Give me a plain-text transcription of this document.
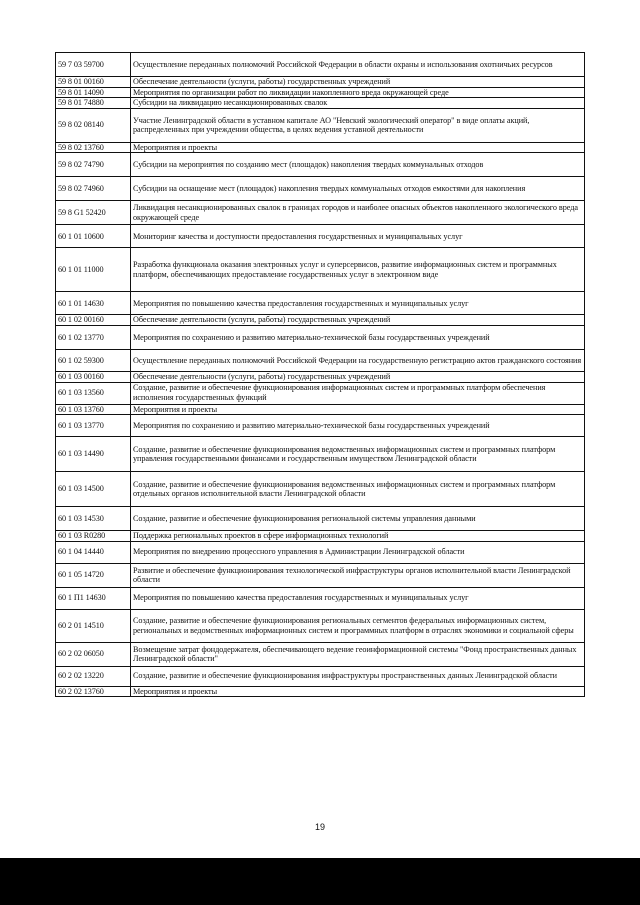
59 7 03 59700	Осуществление переданных полномочий Российской Федерации в области охраны и использования охотничьих ресурсов
59 8 01 00160	Обеспечение деятельности (услуги, работы) государственных учреждений
59 8 01 14090	Мероприятия по организации работ по ликвидации накопленного вреда окружающей среде
59 8 01 74880	Субсидии на ликвидацию несанкционированных свалок
59 8 02 08140	Участие Ленинградской области в уставном капитале АО "Невский экологический оператор" в виде оплаты акций, распределенных при учреждении общества, в целях ведения уставной деятельности
59 8 02 13760	Мероприятия и проекты
59 8 02 74790	Субсидии на мероприятия по созданию мест (площадок) накопления твердых коммунальных отходов
59 8 02 74960	Субсидии на оснащение мест (площадок) накопления твердых коммунальных отходов емкостями для накопления
59 8 G1 52420	Ликвидация несанкционированных свалок в границах городов и наиболее опасных объектов накопленного экологического вреда окружающей среде
60 1 01 10600	Мониторинг качества и доступности предоставления государственных и муниципальных услуг
60 1 01 11000	Разработка функционала оказания электронных услуг и суперсервисов, развитие информационных систем и программных платформ, обеспечивающих предоставление государственных услуг в электронном виде
60 1 01 14630	Мероприятия по повышению качества предоставления государственных и муниципальных услуг
60 1 02 00160	Обеспечение деятельности (услуги, работы) государственных учреждений
60 1 02 13770	Мероприятия по сохранению и развитию материально-технической базы государственных учреждений
60 1 02 59300	Осуществление переданных полномочий Российской Федерации на государственную регистрацию актов гражданского состояния
60 1 03 00160	Обеспечение деятельности (услуги, работы) государственных учреждений
60 1 03 13560	Создание, развитие и обеспечение функционирования информационных систем и программных платформ обеспечения исполнения государственных функций
60 1 03 13760	Мероприятия и проекты
60 1 03 13770	Мероприятия по сохранению и развитию материально-технической базы государственных учреждений
60 1 03 14490	Создание, развитие и обеспечение функционирования ведомственных информационных систем и программных платформ управления государственными финансами и государственным имуществом Ленинградской области
60 1 03 14500	Создание, развитие и обеспечение функционирования ведомственных информационных систем и программных платформ отдельных органов исполнительной власти Ленинградской области
60 1 03 14530	Создание, развитие и обеспечение функционирования региональной системы управления данными
60 1 03 R0280	Поддержка региональных проектов в сфере информационных технологий
60 1 04 14440	Мероприятия по внедрению процессного управления в Администрации Ленинградской области
60 1 05 14720	Развитие и обеспечение функционирования технологической инфраструктуры органов исполнительной власти Ленинградской области
60 1 П1 14630	Мероприятия по повышению качества предоставления государственных и муниципальных услуг
60 2 01 14510	Создание, развитие и обеспечение функционирования региональных сегментов федеральных информационных систем, региональных и ведомственных информационных систем и программных платформ в отраслях экономики и социальной сферы
60 2 02 06050	Возмещение затрат фондодержателя, обеспечивающего ведение геоинформационной системы "Фонд пространственных данных Ленинградской области"
60 2 02 13220	Создание, развитие и обеспечение функционирования инфраструктуры пространственных данных Ленинградской области
60 2 02 13760	Мероприятия и проекты
19
